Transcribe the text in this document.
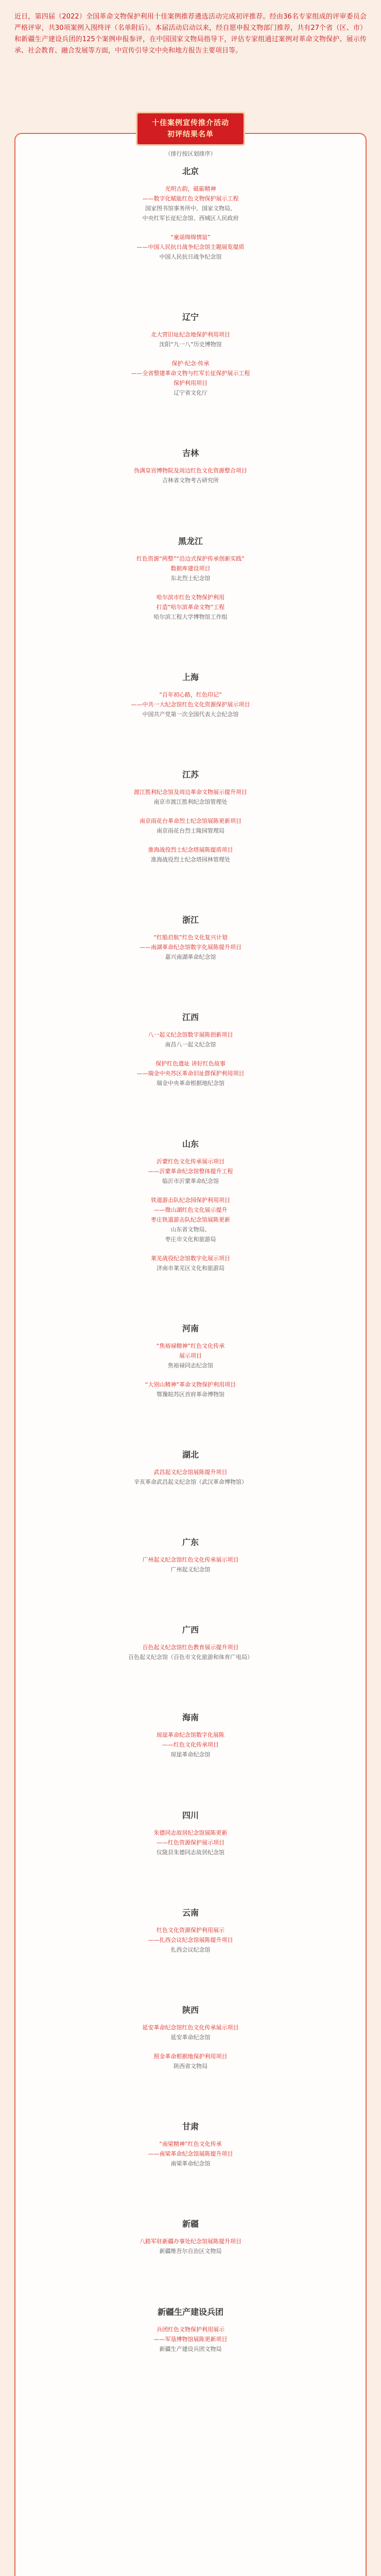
近日，第四届（2022）全国革命文物保护利用十佳案例推荐遴选活动完成初评推荐。经由36名专家组成的评审委员会严格评审，共30项案例入围终评（名单附后）。本届活动启动以来，经自愿申报文物部门推荐，共有27个省（区、市）和新疆生产建设兵团的125个案例申报参评，在中国国家文物局指导下，评估专家组通过案例对革命文物保护、展示传承、社会教育、融合发展等方面，中宣传引导文中央和地方报告主要项目等。
十佳案例宣传推介活动
初评结果名单
（排行按区划排序）
北京
光明古韵，砥砺精神
——数字化赋能红色文物保护展示工程
国家图书馆事务所中、国家文物局、
中央红军长征纪念馆、西城区人民政府
“童谣绵绵情谊”
——中国人民抗日战争纪念馆主题展览提质
中国人民抗日战争纪念馆
辽宁
北大营旧址纪念地保护利用项目
沈阳“九一八”历史博物馆
保护·纪念·传承
——全省整建革命文物与红军长征保护展示工程
保护利用项目
辽宁省文化厅
吉林
伪满皇宫博物院及周边红色文化资源整合项目
吉林省文物考古研究所
黑龙江
红色资源“两整”“沿边式保护传承创新实践”
数据库建设项目
东北烈士纪念馆
哈尔滨市红色文物保护利用
打造“哈尔滨革命文物”工程
哈尔滨工程大学博物馆工作组
上海
“百年初心路，红色印记”
——中共一大纪念馆红色文化资源保护展示项目
中国共产党第一次全国代表大会纪念馆
江苏
渡江胜利纪念馆及周边革命文物展示提升项目
南京市渡江胜利纪念馆管理处
南京雨花台革命烈士纪念馆展陈更新项目
南京雨花台烈士陵园管理局
淮海战役烈士纪念塔展陈提质项目
淮海战役烈士纪念塔园林管理处
浙江
“红船启航”红色文化复兴计划
——南湖革命纪念馆数字化展陈提升项目
嘉兴南湖革命纪念馆
江西
八一起义纪念馆数字展陈创新项目
南昌八一起义纪念馆
保护红色遗址 讲好红色故事
——瑞金中央苏区革命旧址群保护利用项目
瑞金中央革命根据地纪念馆
山东
沂蒙红色文化传承展示项目
——沂蒙革命纪念馆整体提升工程
临沂市沂蒙革命纪念馆
铁道游击队纪念园保护利用项目
——微山湖红色文化展示提升
枣庄铁道游击队纪念馆展陈更新
山东省文物局、
枣庄市文化和旅游局
莱芜战役纪念馆数字化展示项目
济南市莱芜区文化和旅游局
河南
“焦裕禄精神”红色文化传承
展示项目
焦裕禄同志纪念馆
“大别山精神”革命文物保护利用项目
鄂豫皖苏区首府革命博物馆
湖北
武昌起义纪念馆展陈提升项目
辛亥革命武昌起义纪念馆（武汉革命博物馆）
广东
广州起义纪念馆红色文化传承展示项目
广州起义纪念馆
广西
百色起义纪念馆红色教育展示提升项目
百色起义纪念馆（百色市文化旅游和体育广电局）
海南
琼崖革命纪念馆数字化展陈
——红色文化传承项目
琼崖革命纪念馆
四川
朱德同志故居纪念馆展陈更新
——红色资源保护展示项目
仪陇县朱德同志故居纪念馆
云南
红色文化资源保护利用展示
——扎西会议纪念馆展陈提升项目
扎西会议纪念馆
陕西
延安革命纪念馆红色文化传承展示项目
延安革命纪念馆
照金革命根据地保护利用项目
陕西省文物局
甘肃
“南梁精神”红色文化传承
——南梁革命纪念馆展陈提升项目
南梁革命纪念馆
新疆
八路军驻新疆办事处纪念馆展陈提升项目
新疆维吾尔自治区文物局
新疆生产建设兵团
兵团红色文物保护利用展示
——军垦博物馆展陈更新项目
新疆生产建设兵团文物局
